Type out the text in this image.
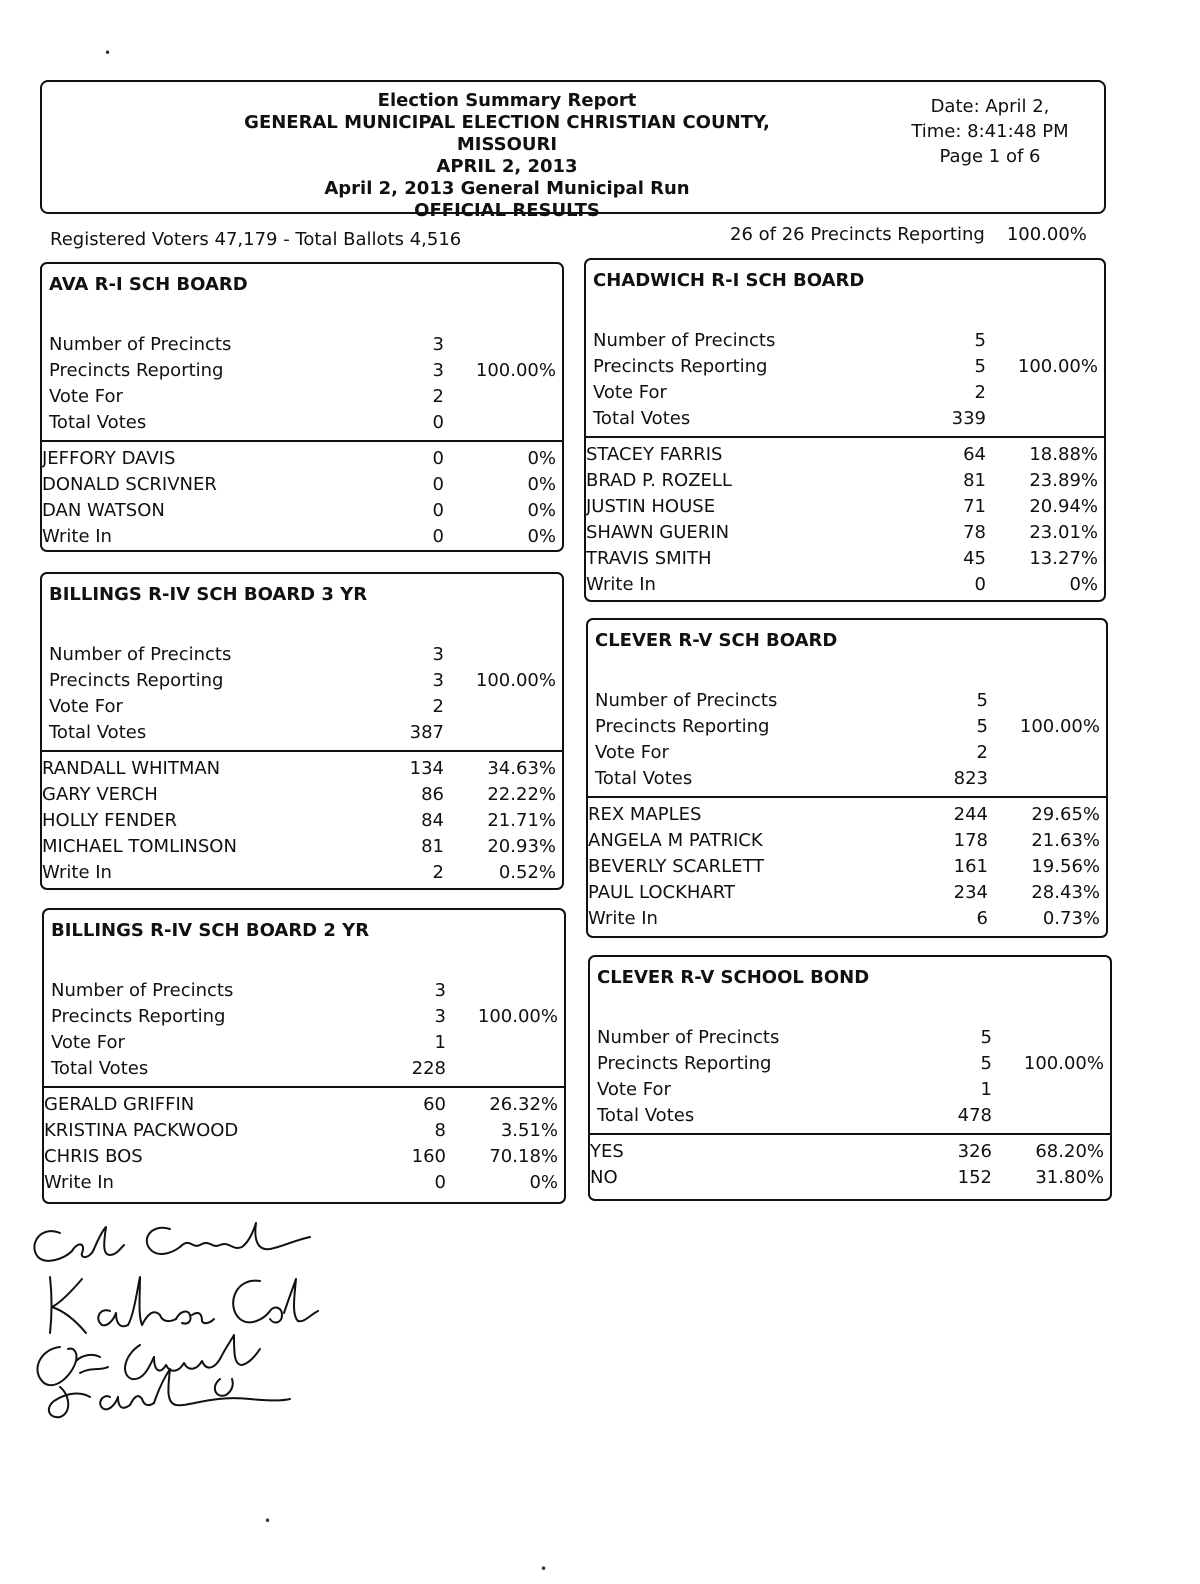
Election Summary Report
GENERAL MUNICIPAL ELECTION CHRISTIAN COUNTY, MISSOURI
APRIL 2, 2013
April 2, 2013 General Municipal Run
OFFICIAL RESULTS
Date: April 2,
Time: 8:41:48 PM
Page 1 of 6
Registered Voters 47,179 - Total Ballots 4,516	26 of 26 Precincts Reporting 100.00%
AVA R-I SCH BOARD
Number of Precincts	3
Precincts Reporting	3	100.00%
Vote For	2
Total Votes	0
JEFFORY DAVIS	0	0%
DONALD SCRIVNER	0	0%
DAN WATSON	0	0%
Write In	0	0%
BILLINGS R-IV SCH BOARD 3 YR
Number of Precincts	3
Precincts Reporting	3	100.00%
Vote For	2
Total Votes	387
RANDALL WHITMAN	134	34.63%
GARY VERCH	86	22.22%
HOLLY FENDER	84	21.71%
MICHAEL TOMLINSON	81	20.93%
Write In	2	0.52%
BILLINGS R-IV SCH BOARD 2 YR
Number of Precincts	3
Precincts Reporting	3	100.00%
Vote For	1
Total Votes	228
GERALD GRIFFIN	60	26.32%
KRISTINA PACKWOOD	8	3.51%
CHRIS BOS	160	70.18%
Write In	0	0%
CHADWICH R-I SCH BOARD
Number of Precincts	5
Precincts Reporting	5	100.00%
Vote For	2
Total Votes	339
STACEY FARRIS	64	18.88%
BRAD P. ROZELL	81	23.89%
JUSTIN HOUSE	71	20.94%
SHAWN GUERIN	78	23.01%
TRAVIS SMITH	45	13.27%
Write In	0	0%
CLEVER R-V SCH BOARD
Number of Precincts	5
Precincts Reporting	5	100.00%
Vote For	2
Total Votes	823
REX MAPLES	244	29.65%
ANGELA M PATRICK	178	21.63%
BEVERLY SCARLETT	161	19.56%
PAUL LOCKHART	234	28.43%
Write In	6	0.73%
CLEVER R-V SCHOOL BOND
Number of Precincts	5
Precincts Reporting	5	100.00%
Vote For	1
Total Votes	478
YES	326	68.20%
NO	152	31.80%
•
•
•
